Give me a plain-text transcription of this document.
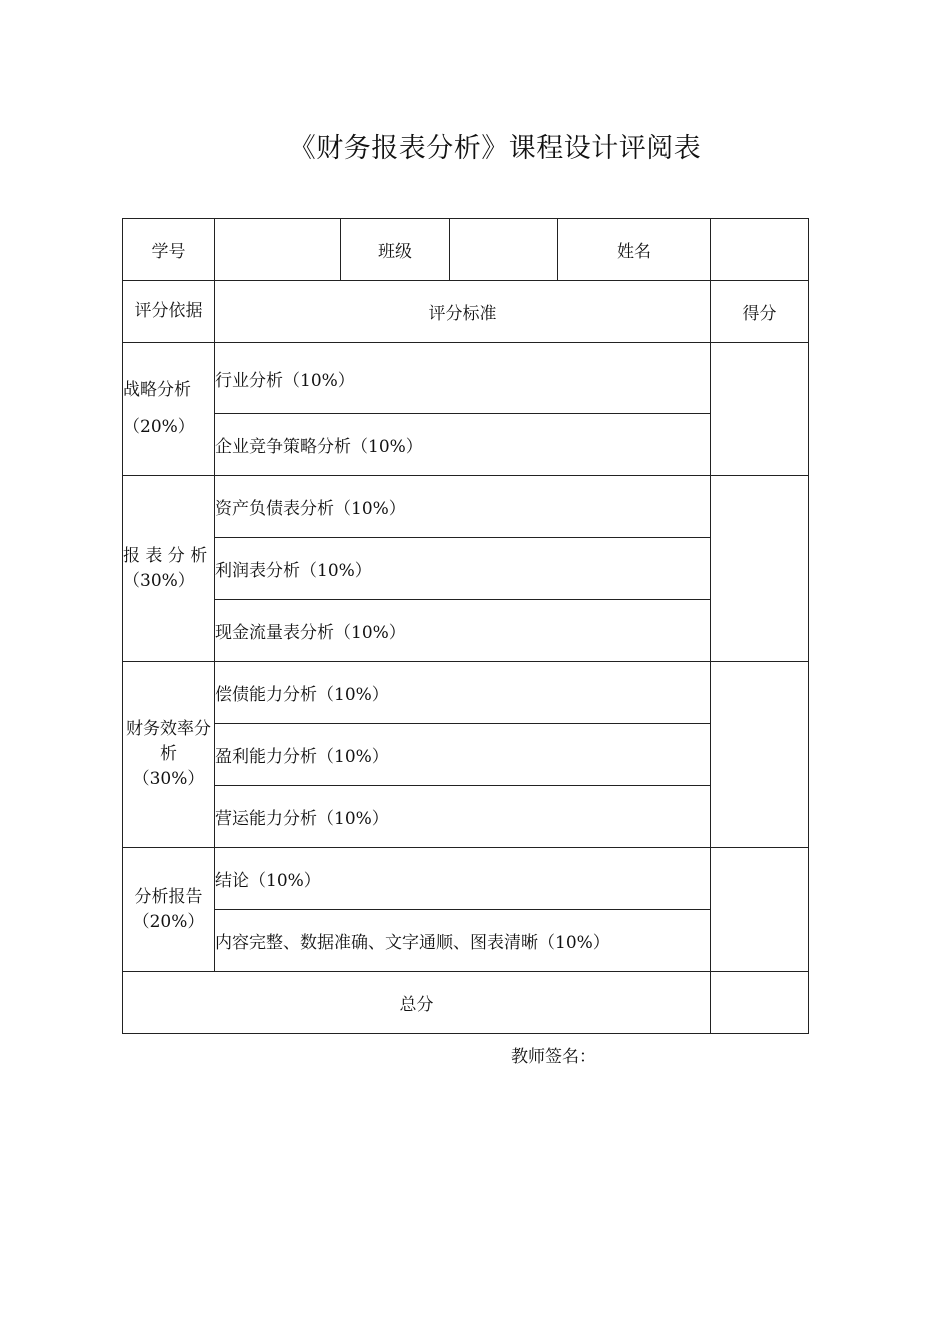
《财务报表分析》课程设计评阅表
学号		班级		姓名	
评分依据	评分标准				得分
战略分析
（20%）	行业分析（10%）				
	企业竞争策略分析（10%）				
报 表 分 析
（30%）	资产负债表分析（10%）				
	利润表分析（10%）				
	现金流量表分析（10%）				
财务效率分析
（30%）	偿债能力分析（10%）				
	盈利能力分析（10%）				
	营运能力分析（10%）				
分析报告
（20%）	结论（10%）				
	内容完整、数据准确、文字通顺、图表清晰（10%）				
总分					
教师签名：
